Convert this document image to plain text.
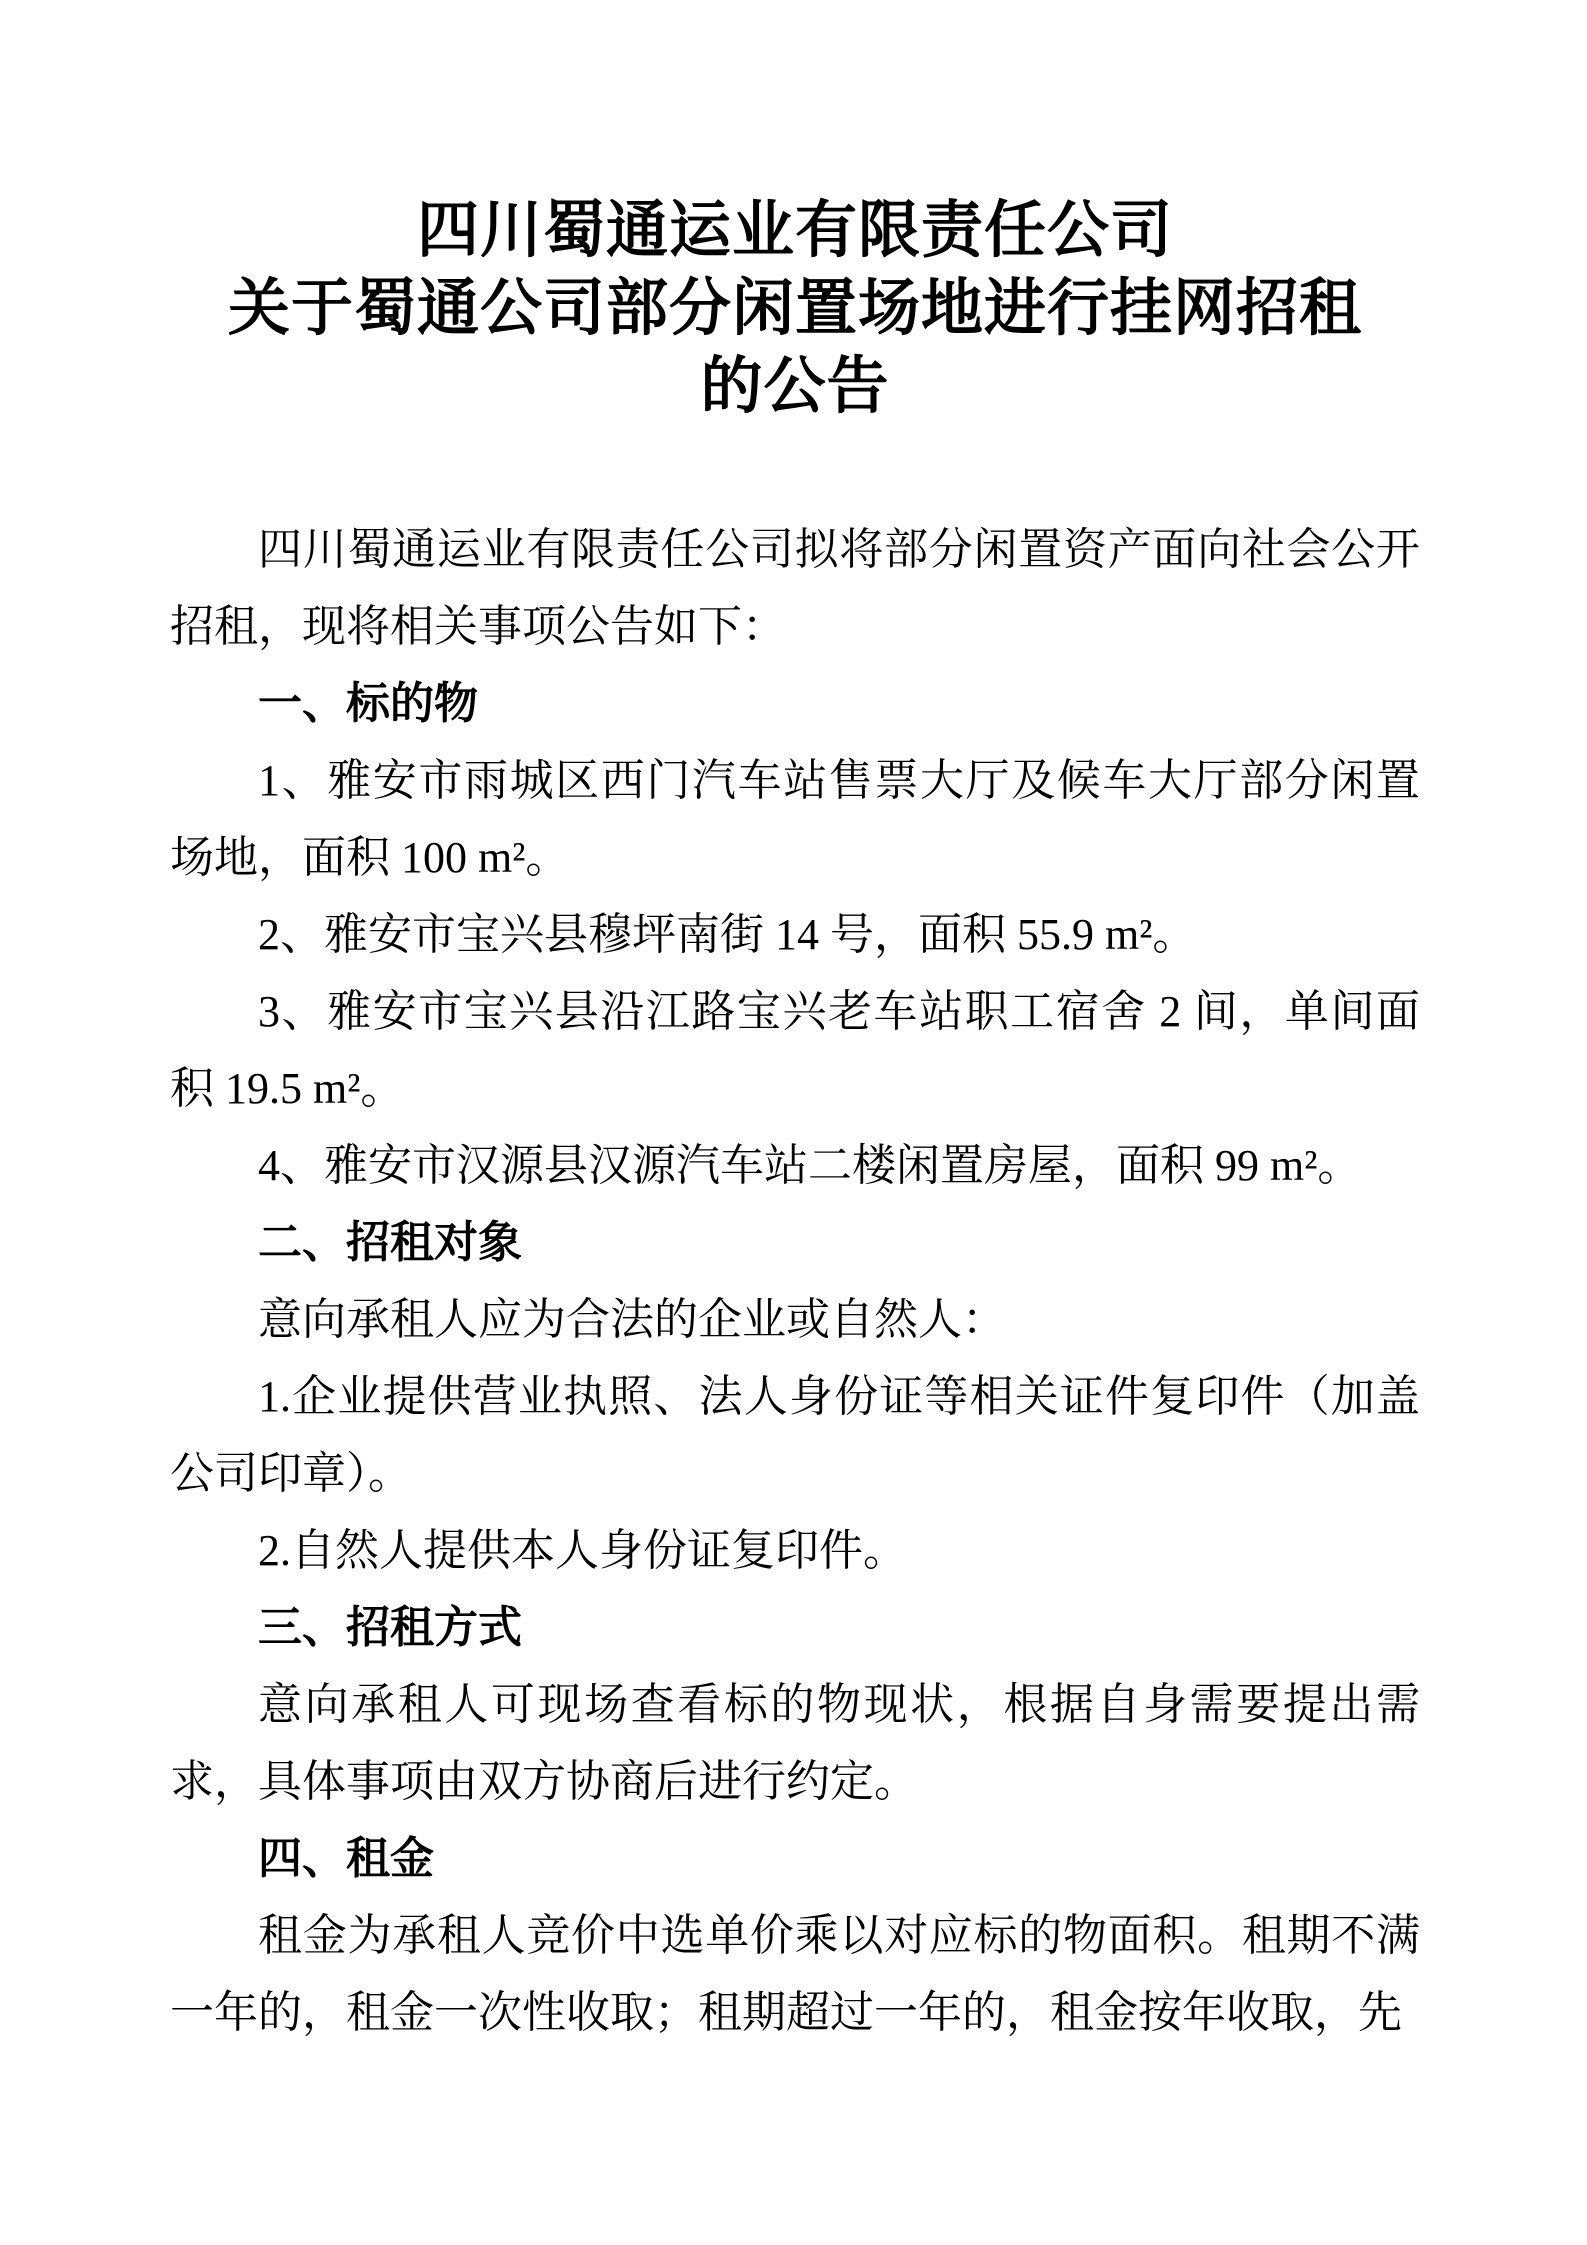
四川蜀通运业有限责任公司
关于蜀通公司部分闲置场地进行挂网招租
的公告

四川蜀通运业有限责任公司拟将部分闲置资产面向社会公开招租，现将相关事项公告如下：

一、标的物

1、雅安市雨城区西门汽车站售票大厅及候车大厅部分闲置场地，面积 100 m²。

2、雅安市宝兴县穆坪南街 14 号，面积 55.9 m²。

3、雅安市宝兴县沿江路宝兴老车站职工宿舍 2 间，单间面积 19.5 m²。

4、雅安市汉源县汉源汽车站二楼闲置房屋，面积 99 m²。

二、招租对象

意向承租人应为合法的企业或自然人：

1.企业提供营业执照、法人身份证等相关证件复印件（加盖公司印章）。

2.自然人提供本人身份证复印件。

三、招租方式

意向承租人可现场查看标的物现状，根据自身需要提出需求，具体事项由双方协商后进行约定。

四、租金

租金为承租人竞价中选单价乘以对应标的物面积。租期不满一年的，租金一次性收取；租期超过一年的，租金按年收取，先
